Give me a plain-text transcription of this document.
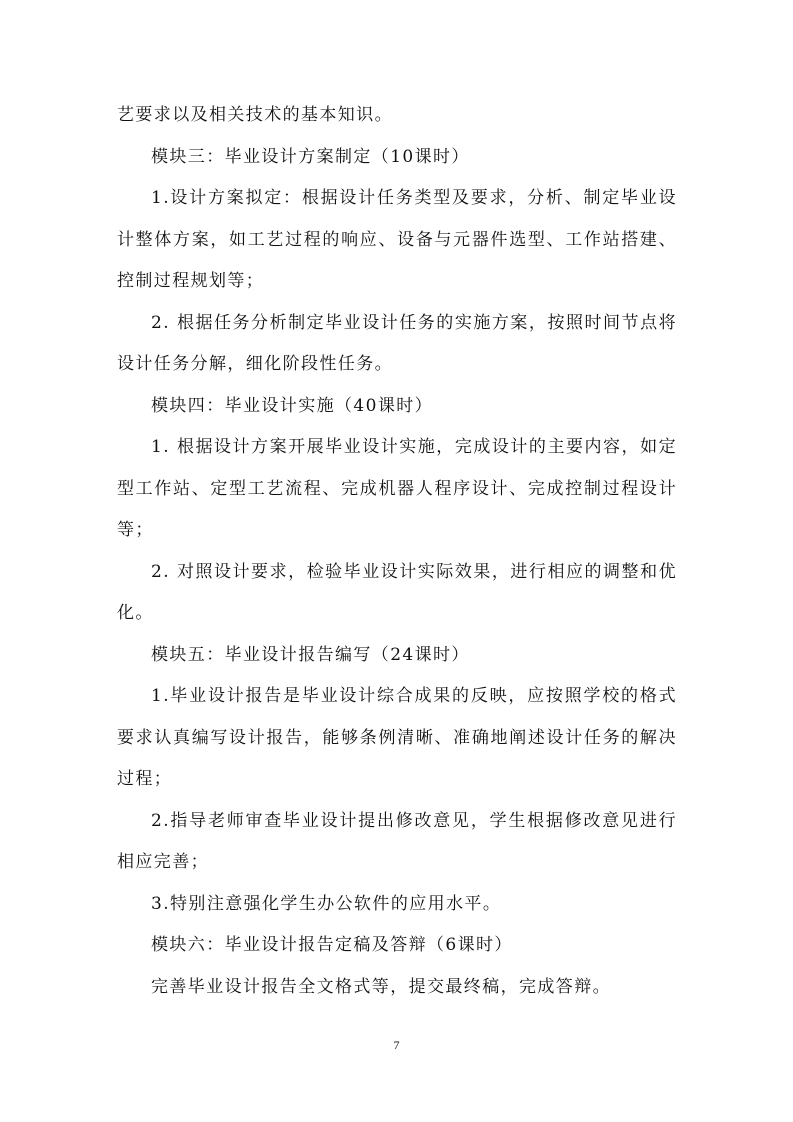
艺要求以及相关技术的基本知识。

模块三：毕业设计方案制定（10课时）

1.设计方案拟定：根据设计任务类型及要求，分析、制定毕业设计整体方案，如工艺过程的响应、设备与元器件选型、工作站搭建、控制过程规划等；

2. 根据任务分析制定毕业设计任务的实施方案，按照时间节点将设计任务分解，细化阶段性任务。

模块四：毕业设计实施（40课时）

1. 根据设计方案开展毕业设计实施，完成设计的主要内容，如定型工作站、定型工艺流程、完成机器人程序设计、完成控制过程设计等；

2. 对照设计要求，检验毕业设计实际效果，进行相应的调整和优化。

模块五：毕业设计报告编写（24课时）

1.毕业设计报告是毕业设计综合成果的反映，应按照学校的格式要求认真编写设计报告，能够条例清晰、准确地阐述设计任务的解决过程；

2.指导老师审查毕业设计提出修改意见，学生根据修改意见进行相应完善；

3.特别注意强化学生办公软件的应用水平。

模块六：毕业设计报告定稿及答辩（6课时）

完善毕业设计报告全文格式等，提交最终稿，完成答辩。

7
